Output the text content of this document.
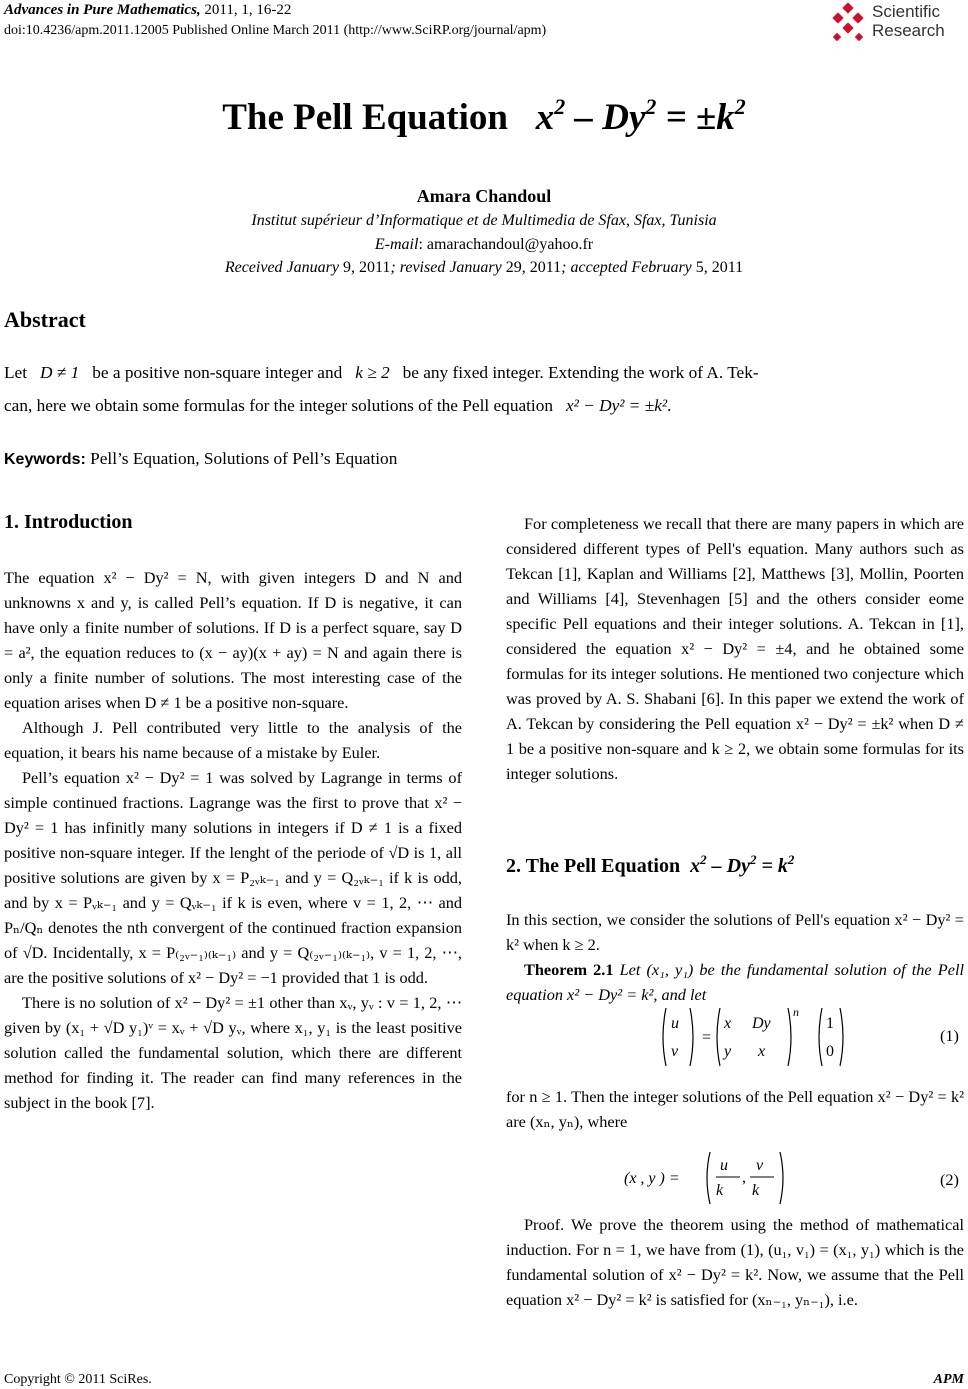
Advances in Pure Mathematics, 2011, 1, 16-22
doi:10.4236/apm.2011.12005 Published Online March 2011 (http://www.SciRP.org/journal/apm)
Scientific
Research
The Pell Equation $x^2 - Dy^2 = \pm k^2$
Amara Chandoul
Institut supérieur d’Informatique et de Multimedia de Sfax, Sfax, Tunisia
E-mail: amarachandoul@yahoo.fr
Received January 9, 2011; revised January 29, 2011; accepted February 5, 2011
Abstract
Let D ≠ 1 be a positive non-square integer and k ≥ 2 be any fixed integer. Extending the work of A. Tek-
can, here we obtain some formulas for the integer solutions of the Pell equation x² − Dy² = ±k².
Keywords: Pell’s Equation, Solutions of Pell’s Equation
1. Introduction

The equation x² − Dy² = N, with given integers D and N and unknowns x and y, is called Pell’s equation. If D is negative, it can have only a finite number of solutions. If D is a perfect square, say D = a², the equation reduces to (x − ay)(x + ay) = N and again there is only a finite number of solutions. The most interesting case of the equation arises when D ≠ 1 be a positive non-square.

Although J. Pell contributed very little to the analysis of the equation, it bears his name because of a mistake by Euler.

Pell’s equation x² − Dy² = 1 was solved by Lagrange in terms of simple continued fractions. Lagrange was the first to prove that x² − Dy² = 1 has infinitly many solutions in integers if D ≠ 1 is a fixed positive non-square integer. If the lenght of the periode of √D is 1, all positive solutions are given by x = P₂ᵥₖ₋₁ and y = Q₂ᵥₖ₋₁ if k is odd, and by x = Pᵥₖ₋₁ and y = Qᵥₖ₋₁ if k is even, where v = 1, 2, ⋯ and Pₙ/Qₙ denotes the nth convergent of the continued fraction expansion of √D. Incidentally, x = P₍₂ᵥ₋₁₎₍ₖ₋₁₎ and y = Q₍₂ᵥ₋₁₎₍ₖ₋₁₎, v = 1, 2, ⋯, are the positive solutions of x² − Dy² = −1 provided that 1 is odd.

There is no solution of x² − Dy² = ±1 other than xᵥ, yᵥ : v = 1, 2, ⋯ given by (x₁ + √D y₁)ᵛ = xᵥ + √D yᵥ, where x₁, y₁ is the least positive solution called the fundamental solution, which there are different method for finding it. The reader can find many references in the subject in the book [7].

For completeness we recall that there are many papers in which are considered different types of Pell's equation. Many authors such as Tekcan [1], Kaplan and Williams [2], Matthews [3], Mollin, Poorten and Williams [4], Stevenhagen [5] and the others consider eome specific Pell equations and their integer solutions. A. Tekcan in [1], considered the equation x² − Dy² = ±4, and he obtained some formulas for its integer solutions. He mentioned two conjecture which was proved by A. S. Shabani [6]. In this paper we extend the work of A. Tekcan by considering the Pell equation x² − Dy² = ±k² when D ≠ 1 be a positive non-square and k ≥ 2, we obtain some formulas for its integer solutions.

2. The Pell Equation $x^2 - Dy^2 = k^2$

In this section, we consider the solutions of Pell's equation x² − Dy² = k² when k ≥ 2.

Theorem 2.1 Let (x₁, y₁) be the fundamental solution of the Pell equation x² − Dy² = k², and let

u
v
=
x Dy
y x
n
1
0
(1)

for n ≥ 1. Then the integer solutions of the Pell equation x² − Dy² = k² are (xₙ, yₙ), where

(x , y ) =
u
k
,
v
k
(2)

Proof. We prove the theorem using the method of mathematical induction. For n = 1, we have from (1), (u₁, v₁) = (x₁, y₁) which is the fundamental solution of x² − Dy² = k². Now, we assume that the Pell equation x² − Dy² = k² is satisfied for (xₙ₋₁, yₙ₋₁), i.e.

Copyright © 2011 SciRes.	APM
